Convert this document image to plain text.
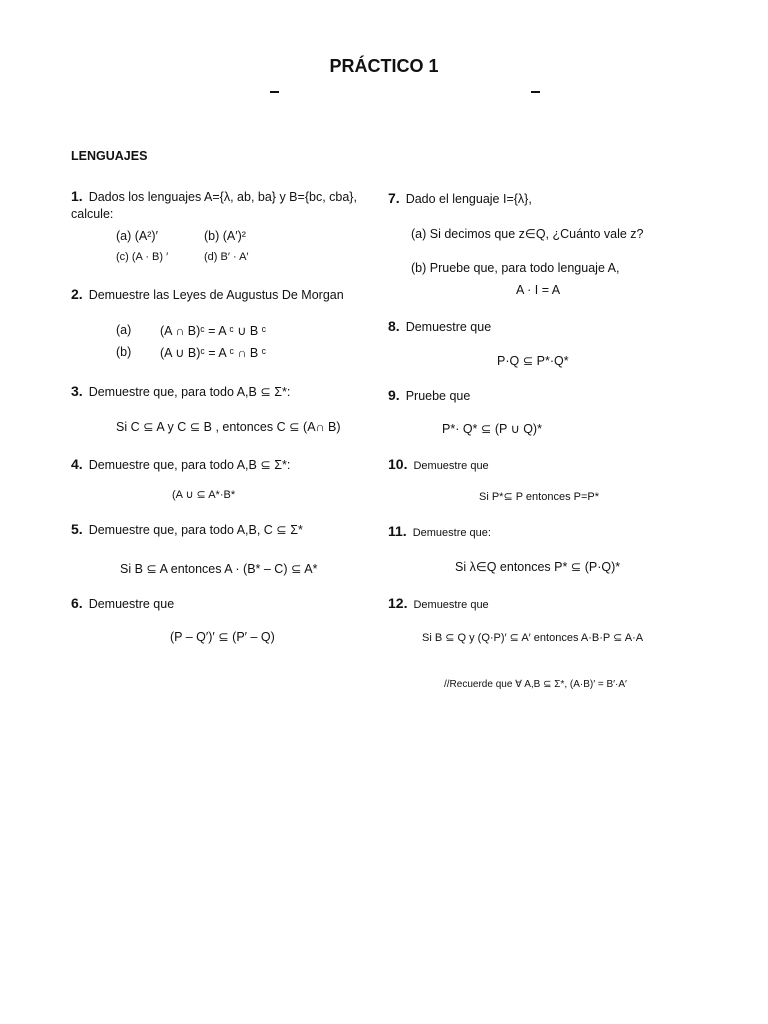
PRÁCTICO 1
LENGUAJES
1. Dados los lenguajes A={λ, ab, ba} y B={bc, cba},
calcule:
(a) (A²)′	(b) (A′)²
(c) (A · B) ′	(d) B′ · A′
2. Demuestre las Leyes de Augustus De Morgan
(a) (A ∩ B)ᶜ = A ᶜ ∪ B ᶜ
(b) (A ∪ B)ᶜ = A ᶜ ∩ B ᶜ
3. Demuestre que, para todo A,B ⊆ Σ*:
Si C ⊆ A y C ⊆ B , entonces C ⊆ (A∩ B)
4. Demuestre que, para todo A,B ⊆ Σ*:
(A ∪ ⊆ A*·B*
5. Demuestre que, para todo A,B, C ⊆ Σ*
Si B ⊆ A entonces A · (B* – C) ⊆ A*
6. Demuestre que
(P – Q′)′ ⊆ (P′ – Q)
7. Dado el lenguaje I={λ},
(a) Si decimos que z∈Q, ¿Cuánto vale z?
(b) Pruebe que, para todo lenguaje A,
A · I = A
8. Demuestre que
P·Q ⊆ P*·Q*
9. Pruebe que
P*· Q* ⊆ (P ∪ Q)*
10. Demuestre que
Si P*⊆ P entonces P=P*
11. Demuestre que:
Si λ∈Q entonces P* ⊆ (P·Q)*
12. Demuestre que
Si B ⊆ Q y (Q·P)′ ⊆ A′ entonces A·B·P ⊆ A·A
//Recuerde que ∀ A,B ⊆ Σ*, (A·B)′ = B′·A′
